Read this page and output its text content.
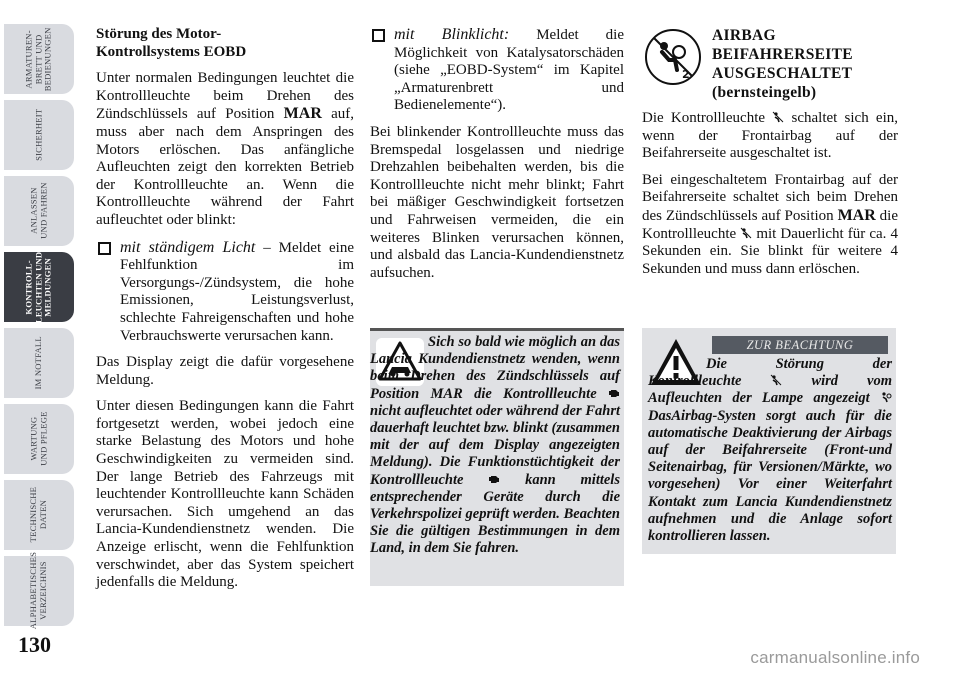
ARMATUREN-
BRETT UND
BEDIENUNGEN
SICHERHEIT
ANLASSEN
UND FAHREN
KONTROLL-
LEUCHTEN UND
MELDUNGEN
IM NOTFALL
WARTUNG
UND PFLEGE
TECHNISCHE
DATEN
ALPHABETISCHES
VERZEICHNIS
130

Störung des Motor-
Kontrollsystems EOBD

Unter normalen Bedingungen leuchtet die Kontrollleuchte beim Drehen des Zündschlüssels auf Position MAR auf, muss aber nach dem Anspringen des Motors erlöschen. Das anfängliche Aufleuchten zeigt den korrekten Betrieb der Kontrollleuchte an. Wenn die Kontrollleuchte während der Fahrt aufleuchtet oder blinkt:

mit ständigem Licht – Meldet eine Fehlfunktion im Versorgungs-/Zündsystem, die hohe Emissionen, Leistungsverlust, schlechte Fahreigenschaften und hohe Verbrauchswerte verursachen kann.

Das Display zeigt die dafür vorgesehene Meldung.

Unter diesen Bedingungen kann die Fahrt fortgesetzt werden, wobei jedoch eine starke Belastung des Motors und hohe Geschwindigkeiten zu vermeiden sind. Der lange Betrieb des Fahrzeugs mit leuchtender Kontrollleuchte kann Schäden verursachen. Sich umgehend an das Lancia-Kundendienstnetz wenden. Die Anzeige erlischt, wenn die Fehlfunktion verschwindet, aber das System speichert jedenfalls die Meldung.

mit Blinklicht: Meldet die Möglichkeit von Katalysatorschäden (siehe „EOBD-System“ im Kapitel „Armaturenbrett und Bedienelemente“).

Bei blinkender Kontrollleuchte muss das Bremspedal losgelassen und niedrige Drehzahlen beibehalten werden, bis die Kontrollleuchte nicht mehr blinkt; Fahrt bei mäßiger Geschwindigkeit fortsetzen und Fahrweisen vermeiden, die ein weiteres Blinken verursachen können, und alsbald das Lancia-Kundendienstnetz aufsuchen.

2
AIRBAG
BEIFAHRERSEITE
AUSGESCHALTET
(bernsteingelb)

Die Kontrollleuchte  schaltet sich ein, wenn der Frontairbag auf der Beifahrerseite ausgeschaltet ist.

Bei eingeschaltetem Frontairbag auf der Beifahrerseite schaltet sich beim Drehen des Zündschlüssels auf Position MAR die Kontrollleuchte  mit Dauerlicht für ca. 4 Sekunden ein. Sie blinkt für weitere 4 Sekunden und muss dann erlöschen.

Sich so bald wie möglich an das Lancia Kundendienstnetz wenden, wenn beim Drehen des Zündschlüssels auf Position MAR die Kontrollleuchte  nicht aufleuchtet oder während der Fahrt dauerhaft leuchtet bzw. blinkt (zusammen mit der auf dem Display angezeigten Meldung). Die Funktionstüchtigkeit der Kontrollleuchte  kann mittels entsprechender Geräte durch die Verkehrspolizei geprüft werden. Beachten Sie die gültigen Bestimmungen in dem Land, in dem Sie fahren.
ZUR BEACHTUNG
Die Störung der Kontrollleuchte  wird vom Aufleuchten der Lampe angezeigt  DasAirbag-Systen sorgt auch für die automatische Deaktivierung der Airbags auf der Beifahrerseite (Front-und Seitenairbag, für Versionen/Märkte, wo vorgesehen) Vor einer Weiterfahrt Kontakt zum Lancia Kundendienstnetz aufnehmen und die Anlage sofort kontrollieren lassen.
carmanualsonline.info
